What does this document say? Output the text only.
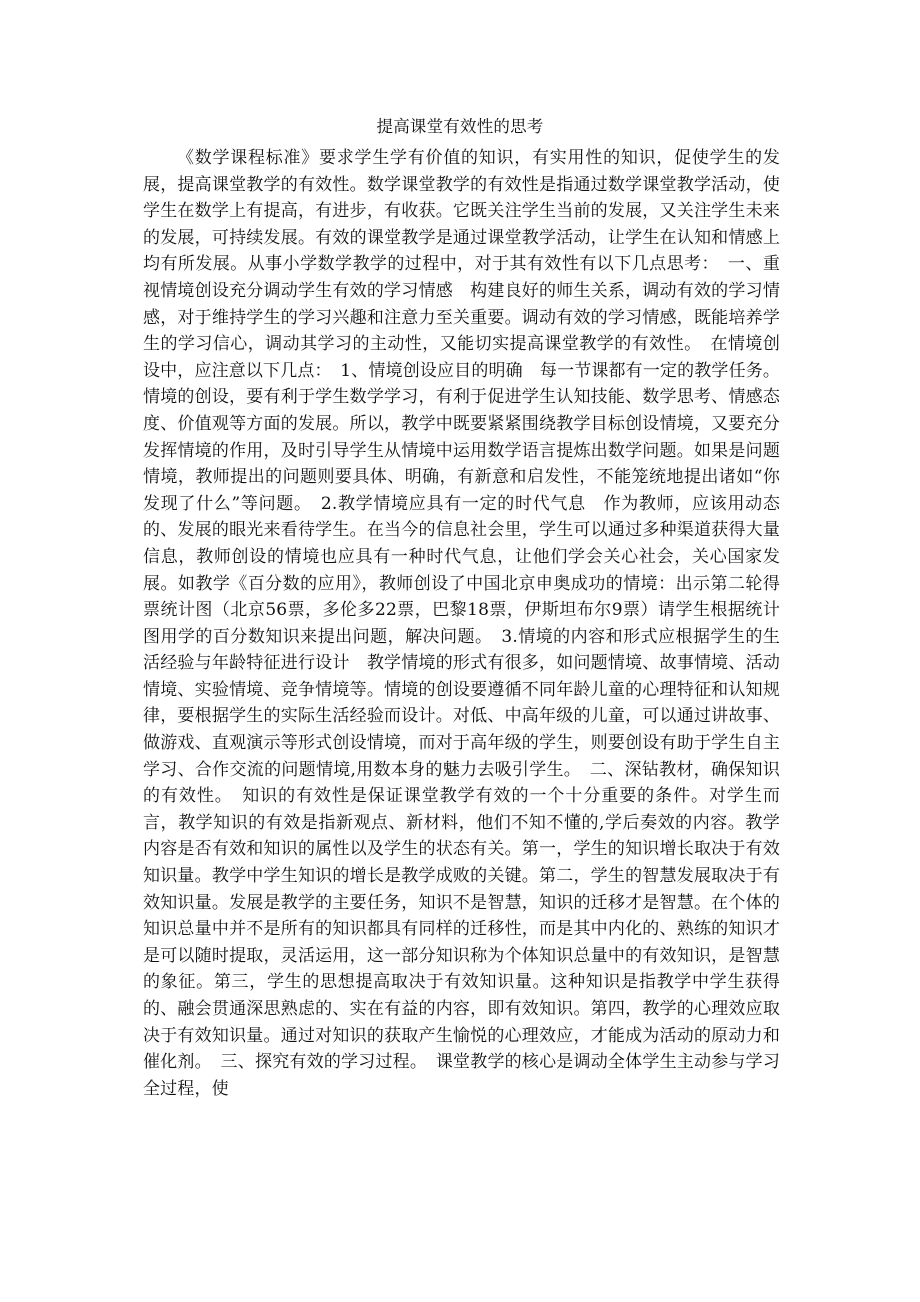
提高课堂有效性的思考
《数学课程标准》要求学生学有价值的知识，有实用性的知识，促使学生的发展，提高课堂教学的有效性。数学课堂教学的有效性是指通过数学课堂教学活动，使学生在数学上有提高，有进步，有收获。它既关注学生当前的发展，又关注学生未来的发展，可持续发展。有效的课堂教学是通过课堂教学活动，让学生在认知和情感上均有所发展。从事小学数学教学的过程中，对于其有效性有以下几点思考：　一、重视情境创设充分调动学生有效的学习情感　构建良好的师生关系，调动有效的学习情感，对于维持学生的学习兴趣和注意力至关重要。调动有效的学习情感，既能培养学生的学习信心，调动其学习的主动性，又能切实提高课堂教学的有效性。　在情境创设中，应注意以下几点：　1、情境创设应目的明确　每一节课都有一定的教学任务。情境的创设，要有利于学生数学学习，有利于促进学生认知技能、数学思考、情感态度、价值观等方面的发展。所以，教学中既要紧紧围绕教学目标创设情境，又要充分发挥情境的作用，及时引导学生从情境中运用数学语言提炼出数学问题。如果是问题情境，教师提出的问题则要具体、明确，有新意和启发性，不能笼统地提出诸如“你发现了什么”等问题。　2.教学情境应具有一定的时代气息　作为教师，应该用动态的、发展的眼光来看待学生。在当今的信息社会里，学生可以通过多种渠道获得大量信息，教师创设的情境也应具有一种时代气息，让他们学会关心社会，关心国家发展。如教学《百分数的应用》，教师创设了中国北京申奥成功的情境：出示第二轮得票统计图（北京56票，多伦多22票，巴黎18票，伊斯坦布尔9票）请学生根据统计图用学的百分数知识来提出问题，解决问题。　3.情境的内容和形式应根据学生的生活经验与年龄特征进行设计　教学情境的形式有很多，如问题情境、故事情境、活动情境、实验情境、竞争情境等。情境的创设要遵循不同年龄儿童的心理特征和认知规律，要根据学生的实际生活经验而设计。对低、中高年级的儿童，可以通过讲故事、做游戏、直观演示等形式创设情境，而对于高年级的学生，则要创设有助于学生自主学习、合作交流的问题情境,用数本身的魅力去吸引学生。　二、深钻教材，确保知识的有效性。　知识的有效性是保证课堂教学有效的一个十分重要的条件。对学生而言，教学知识的有效是指新观点、新材料，他们不知不懂的,学后奏效的内容。教学内容是否有效和知识的属性以及学生的状态有关。第一，学生的知识增长取决于有效知识量。教学中学生知识的增长是教学成败的关键。第二，学生的智慧发展取决于有效知识量。发展是教学的主要任务，知识不是智慧，知识的迁移才是智慧。在个体的知识总量中并不是所有的知识都具有同样的迁移性，而是其中内化的、熟练的知识才是可以随时提取，灵活运用，这一部分知识称为个体知识总量中的有效知识，是智慧的象征。第三，学生的思想提高取决于有效知识量。这种知识是指教学中学生获得的、融会贯通深思熟虑的、实在有益的内容，即有效知识。第四，教学的心理效应取决于有效知识量。通过对知识的获取产生愉悦的心理效应，才能成为活动的原动力和催化剂。　三、探究有效的学习过程。　课堂教学的核心是调动全体学生主动参与学习全过程，使
